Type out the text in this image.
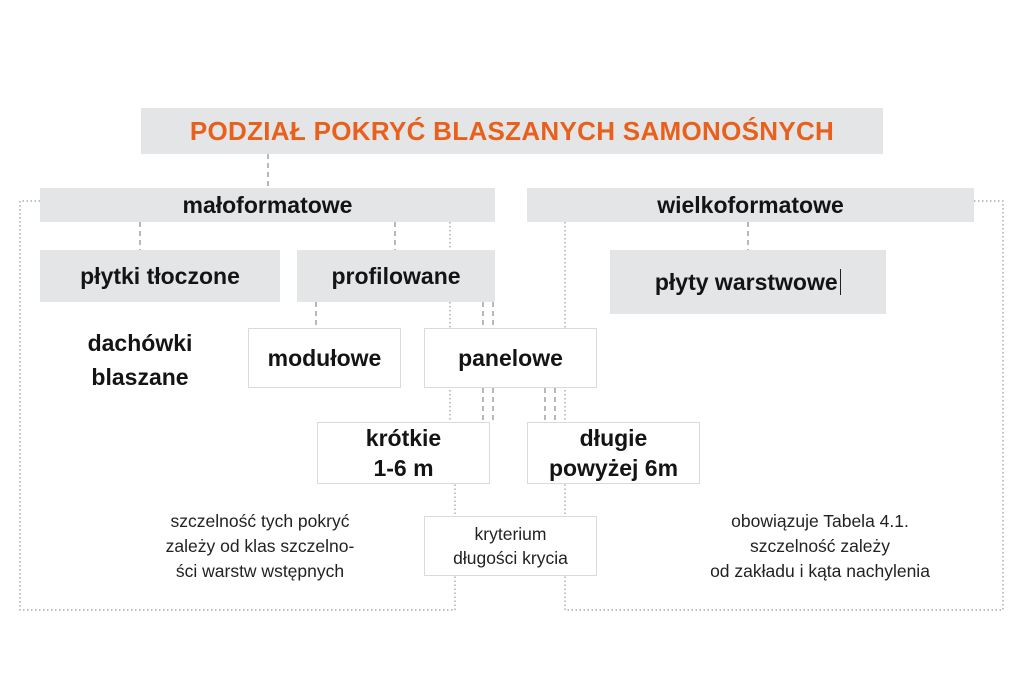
PODZIAŁ POKRYĆ BLASZANYCH SAMONOŚNYCH
małoformatowe	wielkoformatowe
płytki tłoczone	profilowane	płyty warstwowe
dachówki
blaszane
modułowe	panelowe
krótkie
1-6 m
długie
powyżej 6m
kryterium
długości krycia
szczelność tych pokryć
zależy od klas szczelno-
ści warstw wstępnych
obowiązuje Tabela 4.1.
szczelność zależy
od zakładu i kąta nachylenia
